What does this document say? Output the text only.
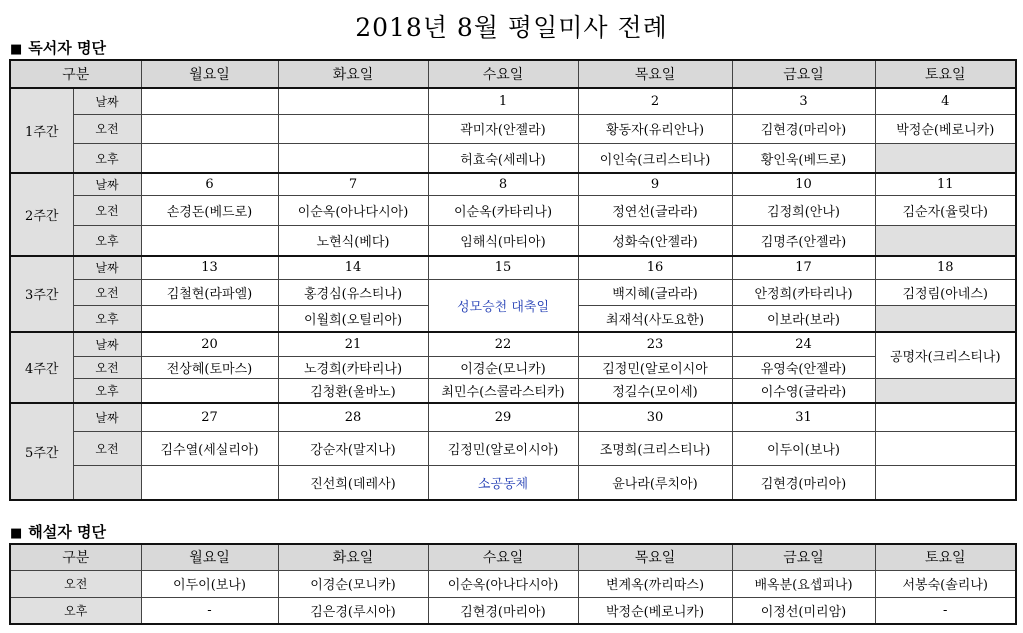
2018년 8월 평일미사 전례
■ 독서자 명단
구분		월요일	화요일	수요일	목요일	금요일	토요일
1주간	날짜			1	2	3	4
	오전			곽미자(안젤라)	황동자(유리안나)	김현경(마리아)	박정순(베로니카)
	오후			허효숙(세레나)	이인숙(크리스티나)	황인욱(베드로)	
2주간	날짜	6	7	8	9	10	11
	오전	손경돈(베드로)	이순옥(아나다시아)	이순옥(카타리나)	정연선(글라라)	김정희(안나)	김순자(율릿다)
	오후		노현식(베다)	임해식(마티아)	성화숙(안젤라)	김명주(안젤라)	
3주간	날짜	13	14	15	16	17	18
	오전	김철현(라파엘)	홍경심(유스티나)	성모승천 대축일	백지혜(글라라)	안정희(카타리나)	김정림(아네스)
	오후		이월희(오틸리아)		최재석(사도요한)	이보라(보라)	
4주간	날짜	20	21	22	23	24	공명자(크리스티나)
	오전	전상혜(토마스)	노경희(카타리나)	이경순(모니카)	김정민(알로이시아	유영숙(안젤라)	
	오후		김청환(울바노)	최민수(스콜라스티카)	정길수(모이세)	이수영(글라라)	
5주간	날짜	27	28	29	30	31	
	오전	김수열(세실리아)	강순자(말지나)	김정민(알로이시아)	조명희(크리스티나)	이두이(보나)	
			진선희(데레사)	소공동체	윤나라(루치아)	김현경(마리아)	
■ 해설자 명단
구분	월요일	화요일	수요일	목요일	금요일	토요일
오전	이두이(보나)	이경순(모니카)	이순옥(아나다시아)	변계옥(까리따스)	배옥분(요셉피나)	서봉숙(솔리나)
오후	-	김은경(루시아)	김현경(마리아)	박정순(베로니카)	이정선(미리암)	-
